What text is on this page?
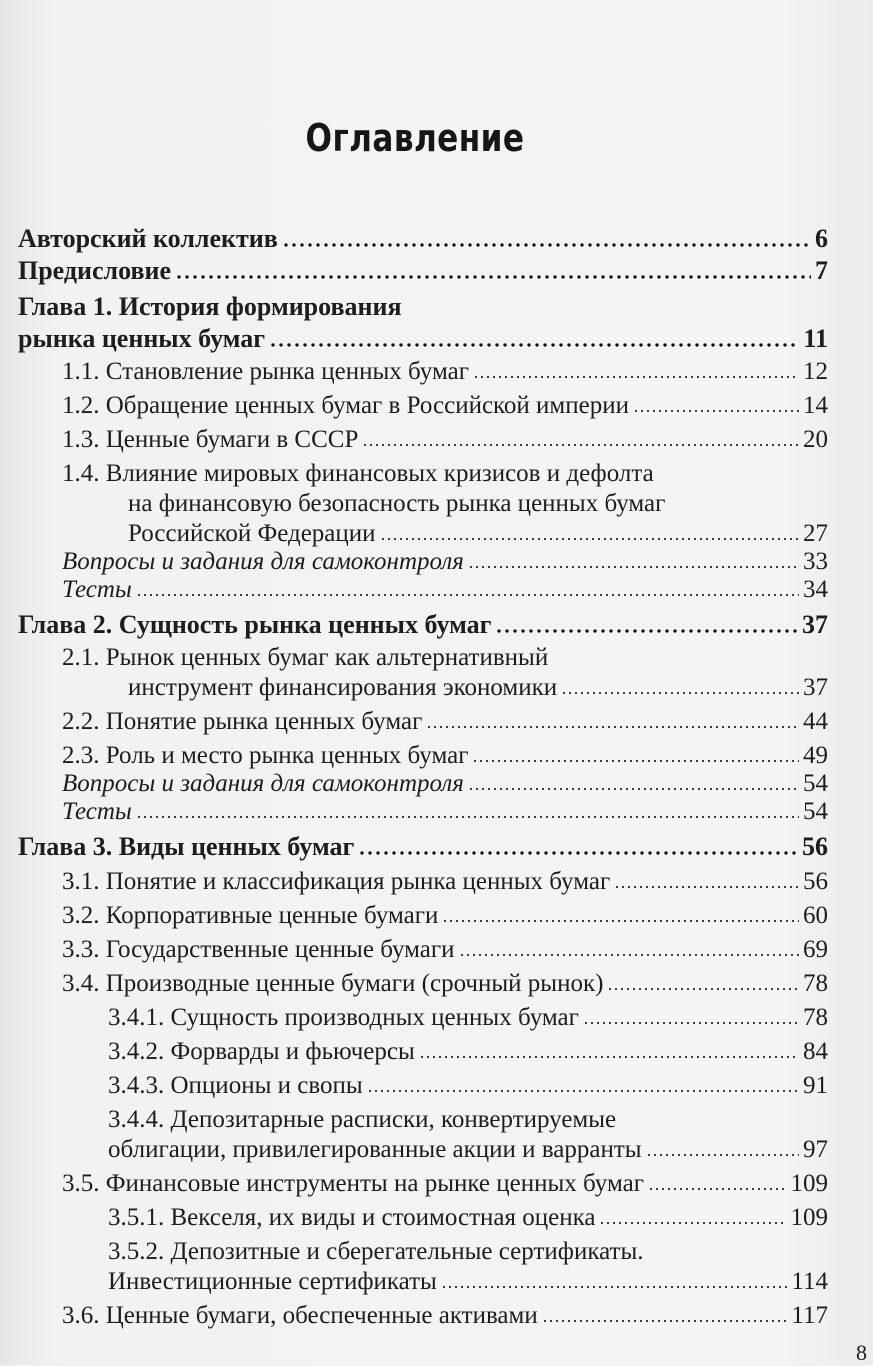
Оглавление
Авторский коллектив	6
Предисловие	7
Глава 1. История формирования
рынка ценных бумаг	11
1.1. Становление рынка ценных бумаг	12
1.2. Обращение ценных бумаг в Российской империи	14
1.3. Ценные бумаги в СССР	20
1.4. Влияние мировых финансовых кризисов и дефолта
на финансовую безопасность рынка ценных бумаг
Российской Федерации	27
Вопросы и задания для самоконтроля	33
Тесты	34
Глава 2. Сущность рынка ценных бумаг	37
2.1. Рынок ценных бумаг как альтернативный
инструмент финансирования экономики	37
2.2. Понятие рынка ценных бумаг	44
2.3. Роль и место рынка ценных бумаг	49
Вопросы и задания для самоконтроля	54
Тесты	54
Глава 3. Виды ценных бумаг	56
3.1. Понятие и классификация рынка ценных бумаг	56
3.2. Корпоративные ценные бумаги	60
3.3. Государственные ценные бумаги	69
3.4. Производные ценные бумаги (срочный рынок)	78
3.4.1. Сущность производных ценных бумаг	78
3.4.2. Форварды и фьючерсы	84
3.4.3. Опционы и свопы	91
3.4.4. Депозитарные расписки, конвертируемые
облигации, привилегированные акции и варранты	97
3.5. Финансовые инструменты на рынке ценных бумаг	109
3.5.1. Векселя, их виды и стоимостная оценка	109
3.5.2. Депозитные и сберегательные сертификаты.
Инвестиционные сертификаты	114
3.6. Ценные бумаги, обеспеченные активами	117
8
